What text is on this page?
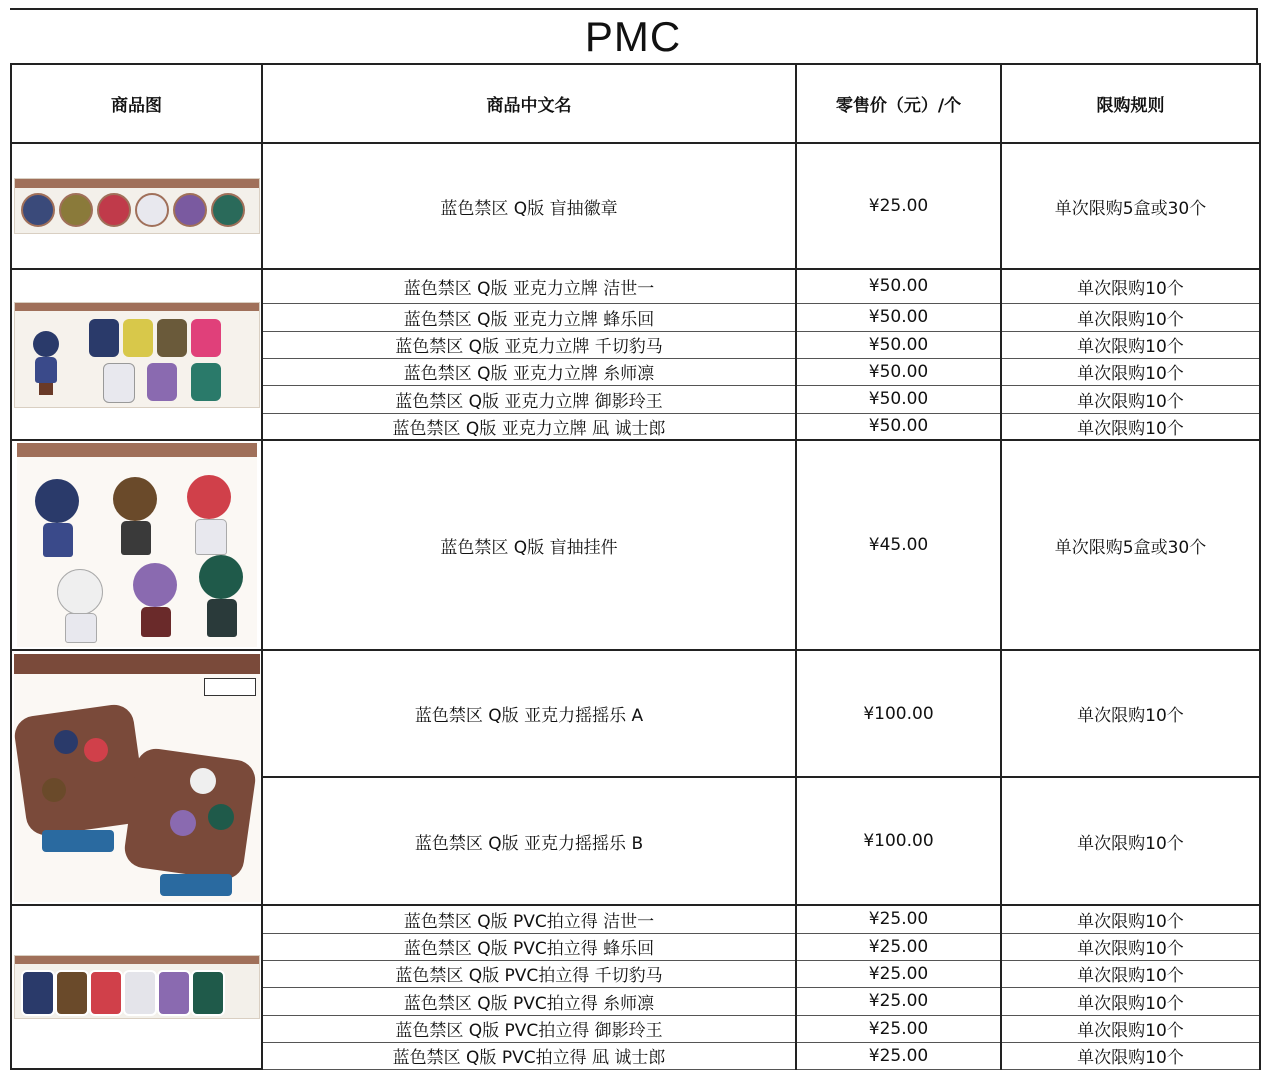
PMC
商品图	商品中文名	零售价（元）/个	限购规则

	蓝色禁区 Q版 盲抽徽章	¥25.00	单次限购5盒或30个

	蓝色禁区 Q版 亚克力立牌 洁世一	¥50.00	单次限购10个
	蓝色禁区 Q版 亚克力立牌 蜂乐回	¥50.00	单次限购10个
	蓝色禁区 Q版 亚克力立牌 千切豹马	¥50.00	单次限购10个
	蓝色禁区 Q版 亚克力立牌 糸师凛	¥50.00	单次限购10个
	蓝色禁区 Q版 亚克力立牌 御影玲王	¥50.00	单次限购10个
	蓝色禁区 Q版 亚克力立牌 凪 诚士郎	¥50.00	单次限购10个

	蓝色禁区 Q版 盲抽挂件	¥45.00	单次限购5盒或30个

	蓝色禁区 Q版 亚克力摇摇乐 A	¥100.00	单次限购10个
	蓝色禁区 Q版 亚克力摇摇乐 B	¥100.00	单次限购10个

	蓝色禁区 Q版 PVC拍立得 洁世一	¥25.00	单次限购10个
	蓝色禁区 Q版 PVC拍立得 蜂乐回	¥25.00	单次限购10个
	蓝色禁区 Q版 PVC拍立得 千切豹马	¥25.00	单次限购10个
	蓝色禁区 Q版 PVC拍立得 糸师凛	¥25.00	单次限购10个
	蓝色禁区 Q版 PVC拍立得 御影玲王	¥25.00	单次限购10个
	蓝色禁区 Q版 PVC拍立得 凪 诚士郎	¥25.00	单次限购10个
